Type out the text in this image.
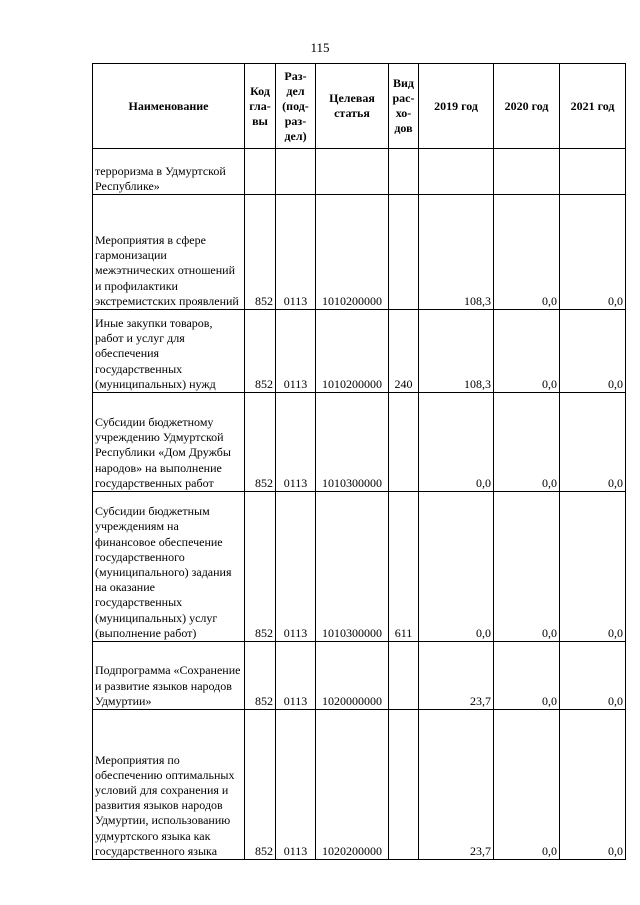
115
Наименование	Код гла- вы	Раз- дел (под- раз- дел)	Целевая статья	Вид рас- хо- дов	2019 год	2020 год	2021 год
терроризма в Удмуртской Республике»							
Мероприятия в сфере гармонизации межэтнических отношений и профилактики экстремистских проявлений	852	0113	1010200000		108,3	0,0	0,0
Иные закупки товаров, работ и услуг для обеспечения государственных (муниципальных) нужд	852	0113	1010200000	240	108,3	0,0	0,0
Субсидии бюджетному учреждению Удмуртской Республики «Дом Дружбы народов» на выполнение государственных работ	852	0113	1010300000		0,0	0,0	0,0
Субсидии бюджетным учреждениям на финансовое обеспечение государственного (муниципального) задания на оказание государственных (муниципальных) услуг (выполнение работ)	852	0113	1010300000	611	0,0	0,0	0,0
Подпрограмма «Сохранение и развитие языков народов Удмуртии»	852	0113	1020000000		23,7	0,0	0,0
Мероприятия по обеспечению оптимальных условий для сохранения и развития языков народов Удмуртии, использованию удмуртского языка как государственного языка	852	0113	1020200000		23,7	0,0	0,0
